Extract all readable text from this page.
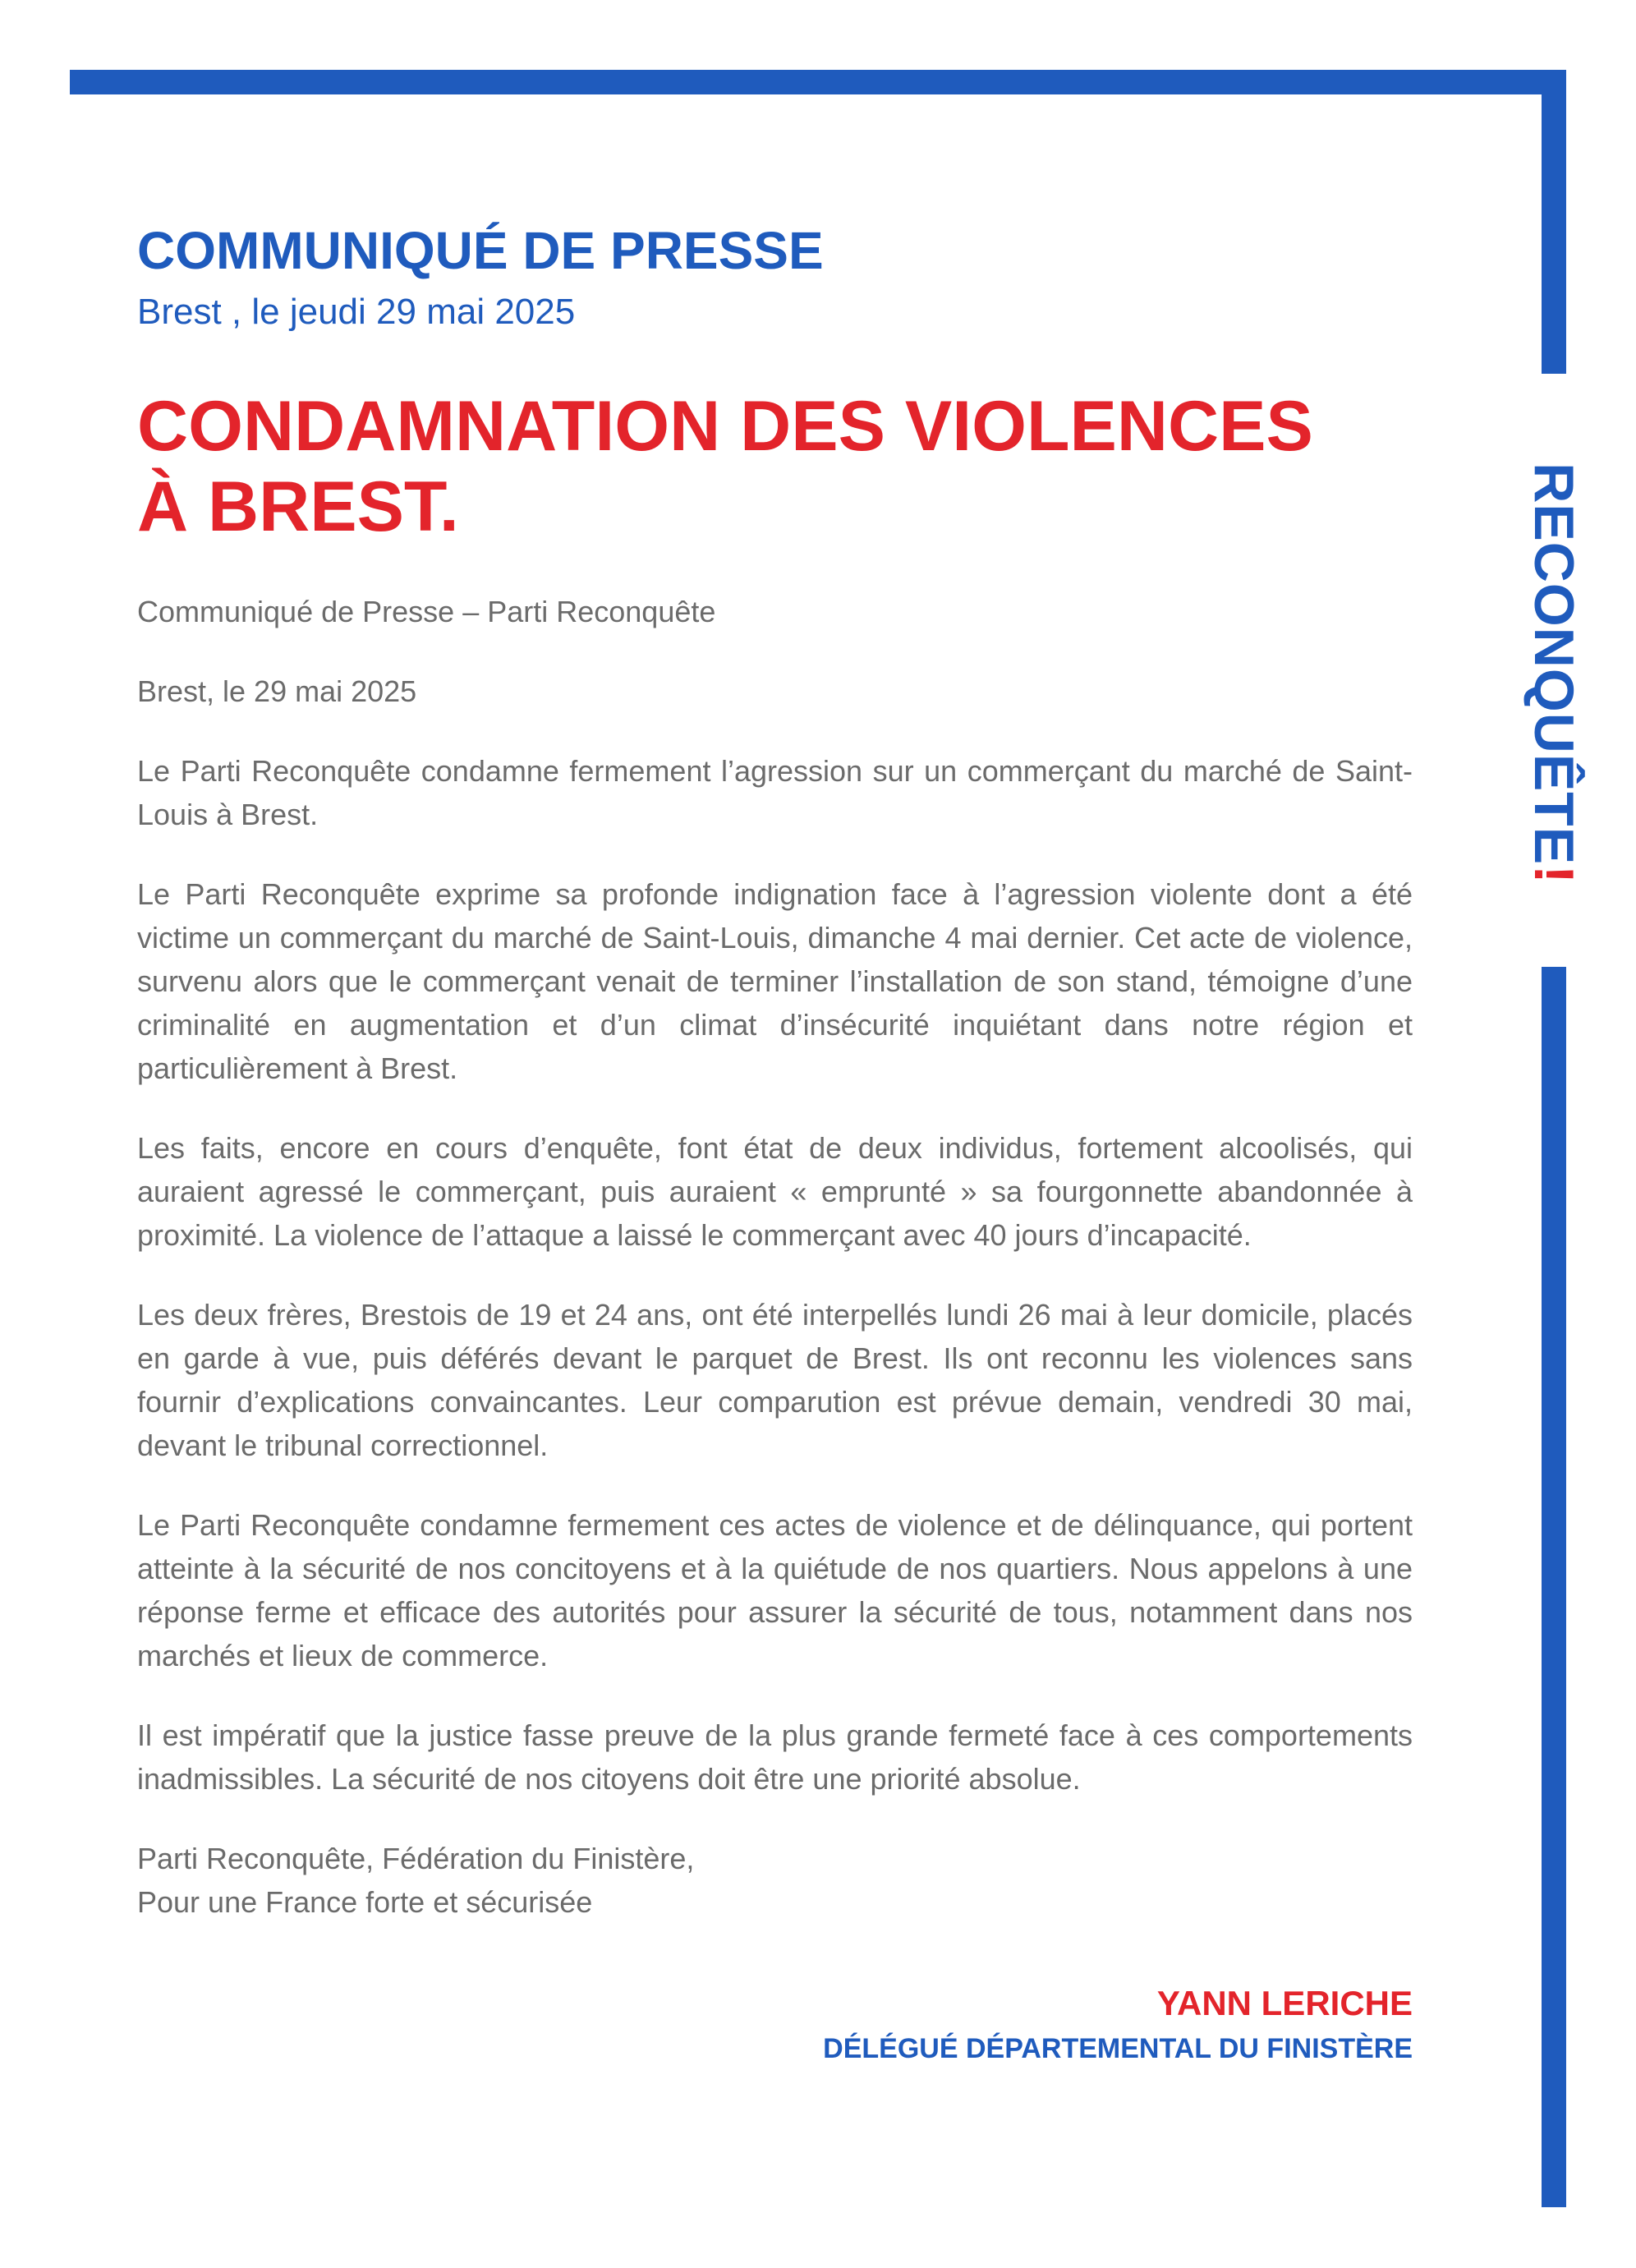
RECONQUÊTE!
COMMUNIQUÉ DE PRESSE

Brest , le jeudi 29 mai 2025

CONDAMNATION DES VIOLENCES À BREST.

Communiqué de Presse – Parti Reconquête

Brest, le 29 mai 2025

Le Parti Reconquête condamne fermement l’agression sur un commerçant du marché de Saint-Louis à Brest.

Le Parti Reconquête exprime sa profonde indignation face à l’agression violente dont a été victime un commerçant du marché de Saint-Louis, dimanche 4 mai dernier. Cet acte de violence, survenu alors que le commerçant venait de terminer l’installation de son stand, témoigne d’une criminalité en augmentation et d’un climat d’insécurité inquiétant dans notre région et particulièrement à Brest.

Les faits, encore en cours d’enquête, font état de deux individus, fortement alcoolisés, qui auraient agressé le commerçant, puis auraient « emprunté » sa fourgonnette abandonnée à proximité. La violence de l’attaque a laissé le commerçant avec 40 jours d’incapacité.

Les deux frères, Brestois de 19 et 24 ans, ont été interpellés lundi 26 mai à leur domicile, placés en garde à vue, puis déférés devant le parquet de Brest. Ils ont reconnu les violences sans fournir d’explications convaincantes. Leur comparution est prévue demain, vendredi 30 mai, devant le tribunal correctionnel.

Le Parti Reconquête condamne fermement ces actes de violence et de délinquance, qui portent atteinte à la sécurité de nos concitoyens et à la quiétude de nos quartiers. Nous appelons à une réponse ferme et efficace des autorités pour assurer la sécurité de tous, notamment dans nos marchés et lieux de commerce.

Il est impératif que la justice fasse preuve de la plus grande fermeté face à ces comportements inadmissibles. La sécurité de nos citoyens doit être une priorité absolue.

Parti Reconquête, Fédération du Finistère,
Pour une France forte et sécurisée

YANN LERICHE

DÉLÉGUÉ DÉPARTEMENTAL DU FINISTÈRE
